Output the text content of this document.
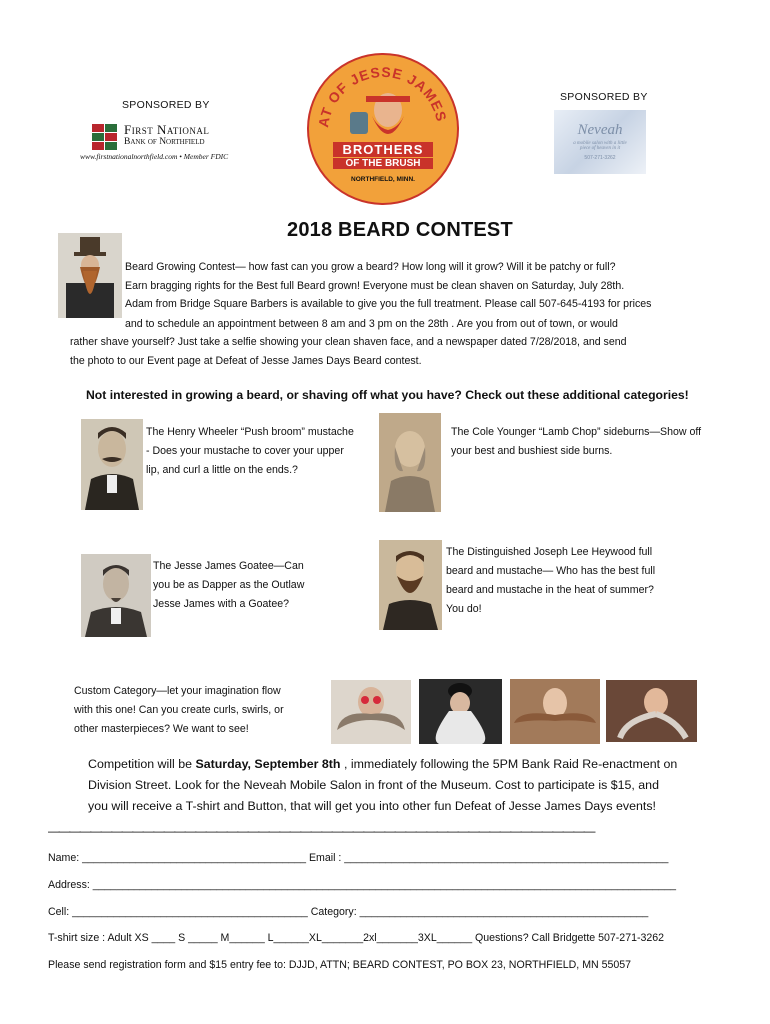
SPONSORED BY
First National
Bank of Northfield
www.firstnationalnorthfield.com • Member FDIC
SPONSORED BY
Neveah
a mobile salon with a little
piece of heaven in it
507-271-3262
AT OF JESSE JAMES
BROTHERS
OF THE BRUSH
NORTHFIELD, MINN.
2018 BEARD CONTEST
Beard Growing Contest— how fast can you grow a beard? How long will it grow? Will it be patchy or full?
Earn bragging rights for the Best full Beard grown! Everyone must be clean shaven on Saturday, July 28th.
Adam from Bridge Square Barbers is available to give you the full treatment. Please call 507-645-4193 for prices
and to schedule an appointment between 8 am and 3 pm on the 28th . Are you from out of town, or would
rather shave yourself? Just take a selfie showing your clean shaven face, and a newspaper dated 7/28/2018, and send
the photo to our Event page at Defeat of Jesse James Days Beard contest.
Not interested in growing a beard, or shaving off what you have? Check out these additional categories!
The Henry Wheeler “Push broom” mustache
- Does your mustache to cover your upper
lip, and curl a little on the ends.?
The Cole Younger “Lamb Chop” sideburns—Show off
your best and bushiest side burns.
The Jesse James Goatee—Can
you be as Dapper as the Outlaw
Jesse James with a Goatee?
The Distinguished Joseph Lee Heywood full
beard and mustache— Who has the best full
beard and mustache in the heat of summer?
You do!
Custom Category—let your imagination flow
with this one! Can you create curls, swirls, or
other masterpieces? We want to see!
Competition will be Saturday, September 8th , immediately following the 5PM Bank Raid Re-enactment on
Division Street. Look for the Neveah Mobile Salon in front of the Museum. Cost to participate is $15, and
you will receive a T-shirt and Button, that will get you into other fun Defeat of Jesse James Days events!
————————————————————————————————————————————————————
Name: ______________________________________ Email : _______________________________________________________
Address: ___________________________________________________________________________________________________
Cell: ________________________________________ Category: _________________________________________________
T-shirt size : Adult XS ____ S _____ M______ L______XL_______2xl_______3XL______ Questions? Call Bridgette 507-271-3262
Please send registration form and $15 entry fee to: DJJD, ATTN; BEARD CONTEST, PO BOX 23, NORTHFIELD, MN 55057
